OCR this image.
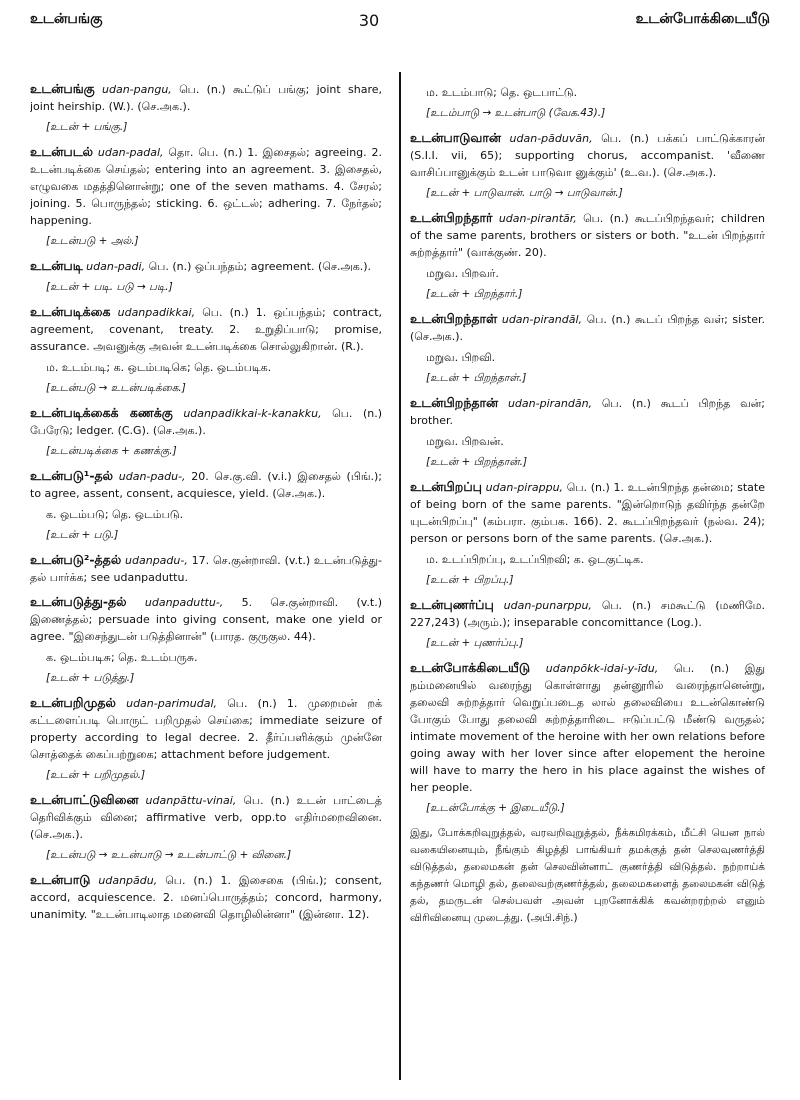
உடன்பங்கு	30	உடன்போக்கிடையீடு
உடன்பங்கு udan-pangu, பெ. (n.) கூட்டுப் பங்கு; joint share, joint heirship. (W.). (செ.அக.).
[உடன் + பங்கு.]
உடன்படல் udan-padal, தொ. பெ. (n.) 1. இசைதல்; agreeing. 2. உடன்படிக்கை செய்தல்; entering into an agreement. 3. இசைதல், எழுவகை மதத்தினொன்று; one of the seven mathams. 4. சேரல்; joining. 5. பொருந்தல்; sticking. 6. ஒட்டல்; adhering. 7. நேர்தல்; happening.
[உடன்படு + அல்.]
உடன்படி udan-padi, பெ. (n.) ஒப்பந்தம்; agreement. (செ.அக.).
[உடன் + படி. படு → படி.]
உடன்படிக்கை udanpadikkai, பெ. (n.) 1. ஒப்பந்தம்; contract, agreement, covenant, treaty. 2. உறுதிப்பாடு; promise, assurance. அவனுக்கு அவன் உடன்படிக்கை சொல்லுகிறான். (R.).
ம. உடம்படி; க. ஒடம்படிகெ; தெ. ஒடம்படிக.
[உடன்படு → உடன்படிக்கை.]
உடன்படிக்கைக் கணக்கு udanpadikkai-k-kanakku, பெ. (n.) பேரேடு; ledger. (C.G). (செ.அக.).
[உடன்படிக்கை + கணக்கு.]
உடன்படு¹-தல் udan-padu-, 20. செ.கு.வி. (v.i.) இசைதல் (பிங்.); to agree, assent, consent, acquiesce, yield. (செ.அக.).
க. ஒடம்படு; தெ. ஒடம்படு.
[உடன் + படு.]
உடன்படு²-த்தல் udanpadu-, 17. செ.குன்றாவி. (v.t.) உடன்படுத்து-தல் பார்க்க; see udanpaduttu.
உடன்படுத்து-தல் udanpaduttu-, 5. செ.குன்றாவி. (v.t.) இணைத்தல்; persuade into giving consent, make one yield or agree. "இசைந்துடன் படுத்தினான்" (பாரத. குருகுல. 44).
க. ஒடம்படிசு; தெ. உடம்பருசு.
[உடன் + படுத்து.]
உடன்பறிமுதல் udan-parimudal, பெ. (n.) 1. முறைமன் றக் கட்டளைப்படி பொருட் பறிமுதல் செய்கை; immediate seizure of property according to legal decree. 2. தீர்ப்பளிக்கும் முன்னே சொத்தைக் கைப்பற்றுகை; attachment before judgement.
[உடன் + பறிமுதல்.]
உடன்பாட்டுவினை udanpāttu-vinai, பெ. (n.) உடன் பாட்டைத் தெரிவிக்கும் வினை; affirmative verb, opp.to எதிர்மறைவினை. (செ.அக.).
[உடன்படு → உடன்பாடு → உடன்பாட்டு + வினை.]
உடன்பாடு udanpādu, பெ. (n.) 1. இசைகை (பிங்.); consent, accord, acquiescence. 2. மனப்பொருத்தம்; concord, harmony, unanimity. "உடன்பாடிலாத மனைவி தொழிலின்னா" (இன்னா. 12).
ம. உடம்பாடு; தெ. ஒடபாட்டு.
[உடம்பாடு → உடன்பாடு (வேக.43).]
உடன்பாடுவான் udan-pāduvān, பெ. (n.) பக்கப் பாட்டுக்காரன் (S.I.I. vii, 65); supporting chorus, accompanist. 'வீணை வாசிப்பானுக்கும் உடன் பாடுவா னுக்கும்' (உ.வ.). (செ.அக.).
[உடன் + பாடுவான். பாடு → பாடுவான்.]
உடன்பிறந்தார் udan-pirantār, பெ. (n.) கூடப்பிறந்தவர்; children of the same parents, brothers or sisters or both. "உடன் பிறந்தார் சுற்றத்தார்" (வாக்குண். 20).
மறுவ. பிறவர்.
[உடன் + பிறந்தார்.]
உடன்பிறந்தாள் udan-pirandāl, பெ. (n.) கூடப் பிறந்த வள்; sister. (செ.அக.).
மறுவ. பிறவி.
[உடன் + பிறந்தாள்.]
உடன்பிறந்தான் udan-pirandān, பெ. (n.) கூடப் பிறந்த வன்; brother.
மறுவ. பிறவன்.
[உடன் + பிறந்தான்.]
உடன்பிறப்பு udan-pirappu, பெ. (n.) 1. உடன்பிறந்த தன்மை; state of being born of the same parents. "இன்றொடுந் தவிர்ந்த தன்றே யுடன்பிறப்பு" (கம்பரா. கும்பக. 166). 2. கூடப்பிறந்தவர் (நல்வ. 24); person or persons born of the same parents. (செ.அக.).
ம. உடப்பிறப்பு, உடப்பிறவி; க. ஒடகுட்டிக.
[உடன் + பிறப்பு.]
உடன்புணர்ப்பு udan-punarppu, பெ. (n.) சமகூட்டு (மணிமே. 227,243) (அரும்.); inseparable concomittance (Log.).
[உடன் + புணர்ப்பு.]
உடன்போக்கிடையீடு udanpōkk-idai-y-īdu, பெ. (n.) இது நம்மனையில் வரைந்து கொள்ளாது தன்னூரில் வரைந்தானென்று, தலைவி சுற்றத்தார் வெறுப்படைத லால் தலைவியை உடன்கொண்டு போகும் போது தலைவி சுற்றத்தாரிடை ஈடுப்பட்டு மீண்டு வருதல்; intimate movement of the heroine with her own relations before going away with her lover since after elopement the heroine will have to marry the hero in his place against the wishes of her people.
[உடன்போக்கு + இடையீடு.]
இது, போக்கறிவுறுத்தல், வரவறிவுறுத்தல், நீக்கமிரக்கம், மீட்சி யென நால் வகையினையும், நீங்கும் கிழத்தி பாங்கியர் தமக்குத் தன் செலவுணர்த்தி விடுத்தல், தலைமகன் தன் செலவின்னாட் குணர்த்தி விடுத்தல். நற்றாய்க் கந்தணர் மொழி தல், தலைவற்குணர்த்தல், தலைமகளைத் தலைமகன் விடுத் தல், தமருடன் செல்பவள் அவன் புறனோக்கிக் கவன்றரற்றல் எனும் விரிவினையு முடைத்து. (அபி.சிந்.)
